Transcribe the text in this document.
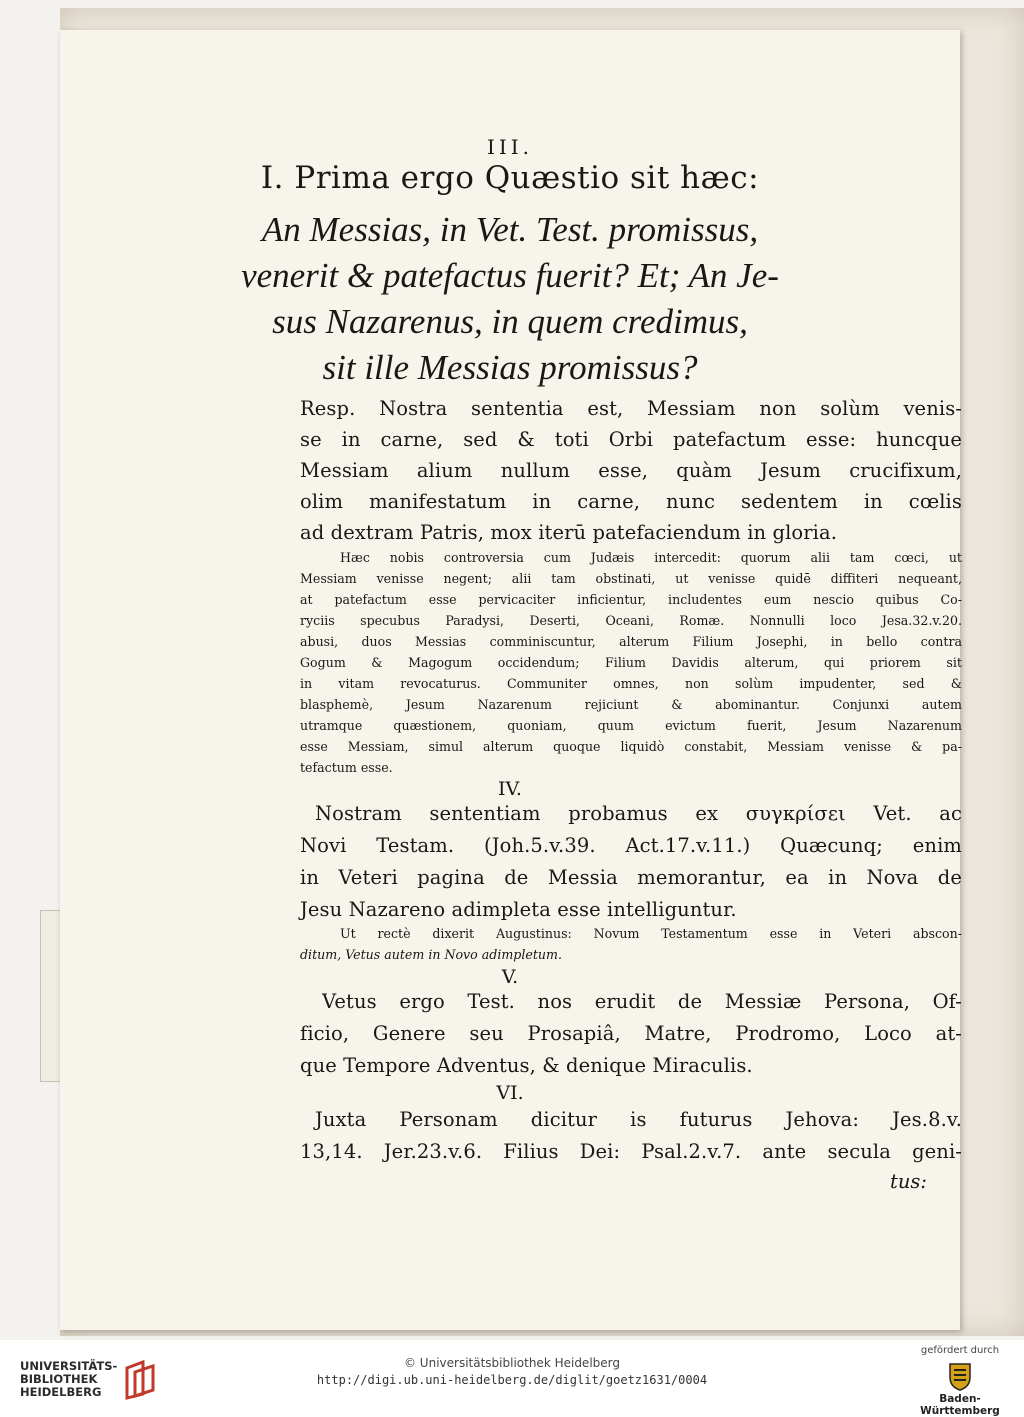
III.
I. Prima ergo Quæstio sit hæc:
An Messias, in Vet. Test. promissus,
venerit & patefactus fuerit? Et; An Je-
sus Nazarenus, in quem credimus,
sit ille Messias promissus?
Resp. Nostra sententia est, Messiam non solùm venis-
se in carne, sed & toti Orbi patefactum esse: huncque
Messiam alium nullum esse, quàm Jesum crucifixum,
olim manifestatum in carne, nunc sedentem in cœlis
ad dextram Patris, mox iterū patefaciendum in gloria.
Hæc nobis controversia cum Judæis intercedit: quorum alii tam cœci, ut
Messiam venisse negent; alii tam obstinati, ut venisse quidē diffiteri nequeant,
at patefactum esse pervicaciter inficientur, includentes eum nescio quibus Co-
ryciis specubus Paradysi, Deserti, Oceani, Romæ. Nonnulli loco Jesa.32.v.20.
abusi, duos Messias comminiscuntur, alterum Filium Josephi, in bello contra
Gogum & Magogum occidendum; Filium Davidis alterum, qui priorem sit
in vitam revocaturus. Communiter omnes, non solùm impudenter, sed &
blasphemè, Jesum Nazarenum rejiciunt & abominantur. Conjunxi autem
utramque quæstionem, quoniam, quum evictum fuerit, Jesum Nazarenum
esse Messiam, simul alterum quoque liquidò constabit, Messiam venisse & pa-
tefactum esse.
IV.
Nostram sententiam probamus ex συγκρίσει Vet. ac
Novi Testam. (Joh.5.v.39. Act.17.v.11.) Quæcunq; enim
in Veteri pagina de Messia memorantur, ea in Nova de
Jesu Nazareno adimpleta esse intelliguntur.
Ut rectè dixerit Augustinus: Novum Testamentum esse in Veteri abscon-
ditum, Vetus autem in Novo adimpletum.
V.
Vetus ergo Test. nos erudit de Messiæ Persona, Of-
ficio, Genere seu Prosapiâ, Matre, Prodromo, Loco at-
que Tempore Adventus, & denique Miraculis.
VI.
Juxta Personam dicitur is futurus Jehova: Jes.8.v.
13,14. Jer.23.v.6. Filius Dei: Psal.2.v.7. ante secula geni-
tus:
UNIVERSITÄTS- BIBLIOTHEK HEIDELBERG
© Universitätsbibliothek Heidelberg
http://digi.ub.uni-heidelberg.de/diglit/goetz1631/0004
gefördert durch
Baden-Württemberg
